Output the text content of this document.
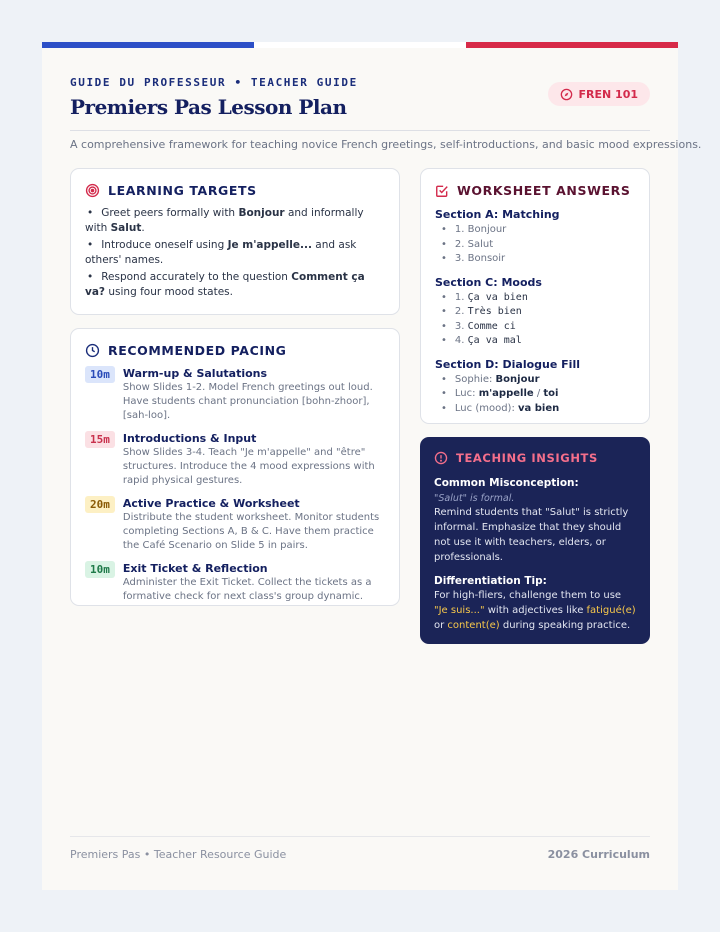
GUIDE DU PROFESSEUR • TEACHER GUIDE
Premiers Pas Lesson Plan
FREN 101
A comprehensive framework for teaching novice French greetings, self-introductions, and basic mood expressions.
LEARNING TARGETS
• Greet peers formally with Bonjour and informally with Salut.
• Introduce oneself using Je m'appelle... and ask others' names.
• Respond accurately to the question Comment ça va? using four mood states.
RECOMMENDED PACING
10m	Warm-up & Salutations
Show Slides 1-2. Model French greetings out loud. Have students chant pronunciation [bohn-zhoor], [sah-loo].
15m	Introductions & Input
Show Slides 3-4. Teach "Je m'appelle" and "être" structures. Introduce the 4 mood expressions with rapid physical gestures.
20m	Active Practice & Worksheet
Distribute the student worksheet. Monitor students completing Sections A, B & C. Have them practice the Café Scenario on Slide 5 in pairs.
10m	Exit Ticket & Reflection
Administer the Exit Ticket. Collect the tickets as a formative check for next class's group dynamic.
WORKSHEET ANSWERS
Section A: Matching
• 1. Bonjour
• 2. Salut
• 3. Bonsoir
Section C: Moods
• 1. Ça va bien
• 2. Très bien
• 3. Comme ci
• 4. Ça va mal
Section D: Dialogue Fill
• Sophie: Bonjour
• Luc: m'appelle / toi
• Luc (mood): va bien
TEACHING INSIGHTS
Common Misconception:
"Salut" is formal.
Remind students that "Salut" is strictly informal. Emphasize that they should not use it with teachers, elders, or professionals.
Differentiation Tip:
For high-fliers, challenge them to use "Je suis..." with adjectives like fatigué(e) or content(e) during speaking practice.
Premiers Pas • Teacher Resource Guide	2026 Curriculum
